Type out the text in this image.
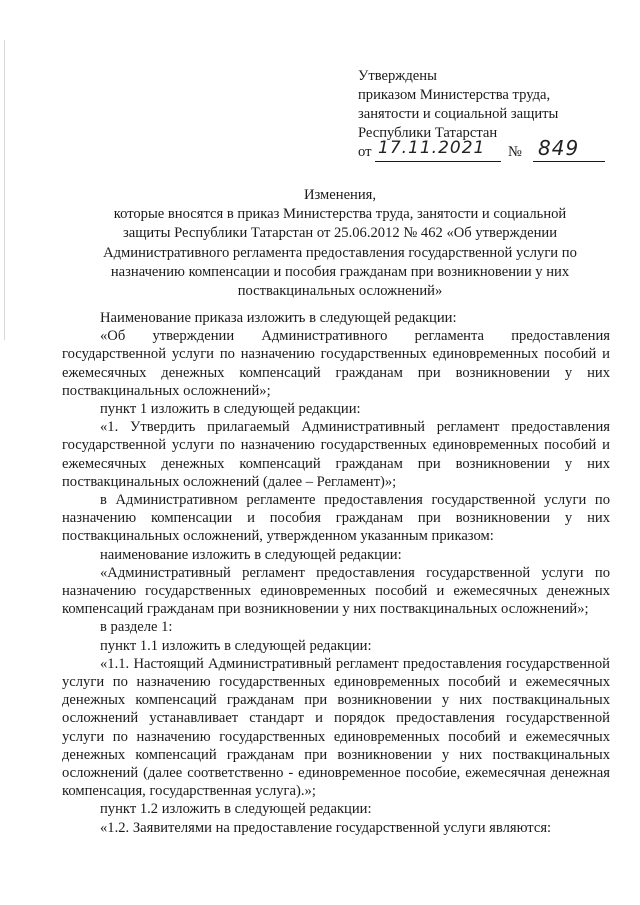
Утверждены
приказом Министерства труда,
занятости и социальной защиты
Республики Татарстан
от 17.11.2021 № 849
Изменения,
которые вносятся в приказ Министерства труда, занятости и социальной
защиты Республики Татарстан от 25.06.2012 № 462 «Об утверждении
Административного регламента предоставления государственной услуги по
назначению компенсации и пособия гражданам при возникновении у них
поствакцинальных осложнений»

Наименование приказа изложить в следующей редакции:

«Об утверждении Административного регламента предоставления государственной услуги по назначению государственных единовременных пособий и ежемесячных денежных компенсаций гражданам при возникновении у них поствакцинальных осложнений»;

пункт 1 изложить в следующей редакции:

«1. Утвердить прилагаемый Административный регламент предоставления государственной услуги по назначению государственных единовременных пособий и ежемесячных денежных компенсаций гражданам при возникновении у них поствакцинальных осложнений (далее – Регламент)»;

в Административном регламенте предоставления государственной услуги по назначению компенсации и пособия гражданам при возникновении у них поствакцинальных осложнений, утвержденном указанным приказом:

наименование изложить в следующей редакции:

«Административный регламент предоставления государственной услуги по назначению государственных единовременных пособий и ежемесячных денежных компенсаций гражданам при возникновении у них поствакцинальных осложнений»;

в разделе 1:

пункт 1.1 изложить в следующей редакции:

«1.1. Настоящий Административный регламент предоставления государственной услуги по назначению государственных единовременных пособий и ежемесячных денежных компенсаций гражданам при возникновении у них поствакцинальных осложнений устанавливает стандарт и порядок предоставления государственной услуги по назначению государственных единовременных пособий и ежемесячных денежных компенсаций гражданам при возникновении у них поствакцинальных осложнений (далее соответственно - единовременное пособие, ежемесячная денежная компенсация, государственная услуга).»;

пункт 1.2 изложить в следующей редакции:

«1.2. Заявителями на предоставление государственной услуги являются:
